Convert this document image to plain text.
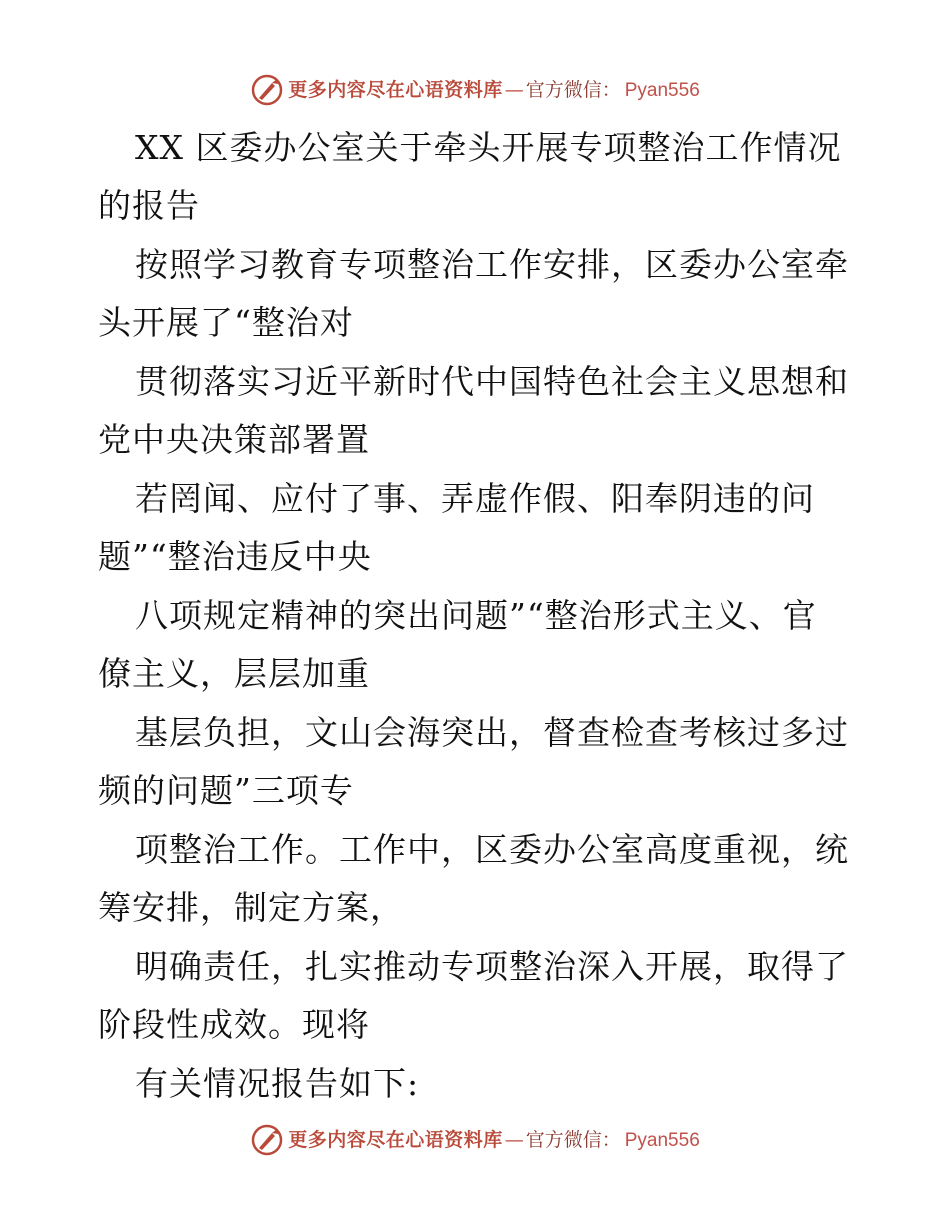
更多内容尽在心语资料库 — 官方微信： Pyan556
XX 区委办公室关于牵头开展专项整治工作情况
的报告
按照学习教育专项整治工作安排，区委办公室牵
头开展了“整治对
贯彻落实习近平新时代中国特色社会主义思想和
党中央决策部署置
若罔闻、应付了事、弄虚作假、阳奉阴违的问
题”“整治违反中央
八项规定精神的突出问题”“整治形式主义、官
僚主义，层层加重
基层负担，文山会海突出，督查检查考核过多过
频的问题”三项专
项整治工作。工作中，区委办公室高度重视，统
筹安排，制定方案，
明确责任，扎实推动专项整治深入开展，取得了
阶段性成效。现将
有关情况报告如下:
更多内容尽在心语资料库 — 官方微信： Pyan556
